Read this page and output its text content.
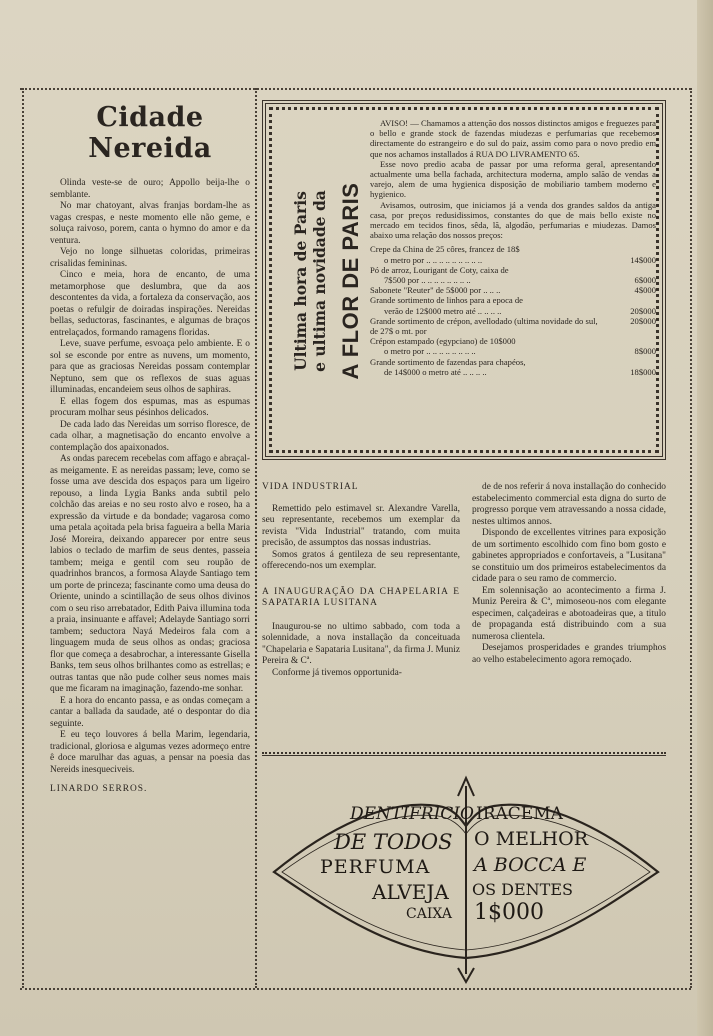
Cidade Nereida

Olinda veste-se de ouro; Appollo beija-lhe o semblante.

No mar chatoyant, alvas franjas bordam-lhe as vagas crespas, e neste momento elle não geme, e soluça raivoso, porem, canta o hymno do amor e da ventura.

Vejo no longe silhuetas coloridas, primeiras crisalidas femininas.

Cinco e meia, hora de encanto, de uma metamorphose que deslumbra, que da aos descontentes da vida, a fortaleza da conservação, aos poetas o refulgir de doiradas inspirações. Nereidas bellas, seductoras, fascinantes, e algumas de braços entrelaçados, formando ramagens floridas.

Leve, suave perfume, esvoaça pelo ambiente. E o sol se esconde por entre as nuvens, um momento, para que as graciosas Nereidas possam contemplar Neptuno, sem que os reflexos de suas aguas illuminadas, encandeiem seus olhos de saphiras.

E ellas fogem dos espumas, mas as espumas procuram molhar seus pésinhos delicados.

De cada lado das Nereidas um sorriso floresce, de cada olhar, a magnetisação do encanto envolve a contemplação dos apaixonados.

As ondas parecem recebelas com affago e abraçal-as meigamente. E as nereidas passam; leve, como se fosse uma ave descida dos espaços para um ligeiro repouso, a linda Lygia Banks anda subtil pelo colchão das areias e no seu rosto alvo e roseo, ha a expressão da virtude e da bondade; vagarosa como uma petala açoitada pela brisa fagueira a bella Maria José Moreira, deixando apparecer por entre seus labios o teclado de marfim de seus dentes, passeia tambem; meiga e gentil com seu roupão de quadrinhos brancos, a formosa Alayde Santiago tem um porte de princeza; fascinante como uma deusa do Oriente, unindo a scintillação de seus olhos divinos com o seu riso arrebatador, Edith Paiva illumina toda a praia, insinuante e affavel; Adelayde Santiago sorri tambem; seductora Nayá Medeiros fala com a linguagem muda de seus olhos as ondas; graciosa flor que começa a desabrochar, a interessante Gisella Banks, tem seus olhos brilhantes como as estrellas; e outras tantas que não pude colher seus nomes mais que me ficaram na imaginação, fazendo-me sonhar.

E a hora do encanto passa, e as ondas começam a cantar a ballada da saudade, até o despontar do dia seguinte.

E eu teço louvores á bella Marim, legendaria, tradicional, gloriosa e algumas vezes adormeço entre ê doce marulhar das aguas, a pensar na poesia das Nereids inesqueciveis.

LINARDO SERROS.

Ultima hora de Paris e ultima novidade da A FLOR DE PARIS

AVISO! — Chamamos a attenção dos nossos distinctos amigos e freguezes para o bello e grande stock de fazendas miudezas e perfumarias que recebemos directamente do estrangeiro e do sul do paiz, assim como para o novo predio em que nos achamos installados á RUA DO LIVRAMENTO 65.

Esse novo predio acaba de passar por uma reforma geral, apresentando actualmente uma bella fachada, architectura moderna, amplo salão de vendas a varejo, alem de uma hygienica disposição de mobiliario tambem moderno e hygienico.

Avisamos, outrosim, que iniciamos já a venda dos grandes saldos da antiga casa, por preços redusidissimos, constantes do que de mais bello existe no mercado em tecidos finos, sêda, lã, algodão, perfumarias e miudezas. Damos abaixo uma relação dos nossos preços:

Crepe da China de 25 côres, francez de 18$
o metro por .. .. .. .. .. .. .. .. ..	14$000
Pó de arroz, Lourigant de Coty, caixa de
7$500 por .. .. .. .. .. .. .. ..	6$000
Sabonete "Reuter" de 5$000 por .. .. ..	4$000
Grande sortimento de linhos para a epoca de
verão de 12$000 metro até .. .. .. ..	20$000
Grande sortimento de crépon, avellodado (ultima novidade do sul, de 27$ o mt. por
20$000
Crépon estampado (egypciano) de 10$000
o metro por .. .. .. .. .. .. .. ..	8$000
Grande sortimento de fazendas para chapéos,
de 14$000 o metro até .. .. .. ..	18$000

VIDA INDUSTRIAL

Remettido pelo estimavel sr. Alexandre Varella, seu representante, recebemos um exemplar da revista "Vida Industrial" tratando, com muita precisão, de assumptos das nossas industrias.

Somos gratos á gentileza de seu representante, offerecendo-nos um exemplar.

A INAUGURAÇÃO DA CHAPELARIA E SAPATARIA LUSITANA

Inaugurou-se no ultimo sabbado, com toda a solennidade, a nova installação da conceituada "Chapelaria e Sapataria Lusitana", da firma J. Muniz Pereira & Cª.

Conforme já tivemos opportunida-

de de nos referir á nova installação do conhecido estabelecimento commercial esta digna do surto de progresso porque vem atravessando a nossa cidade, nestes ultimos annos.

Dispondo de excellentes vitrines para exposição de um sortimento escolhido com fino bom gosto e gabinetes appropriados e confortaveis, a "Lusitana" se constituio um dos primeiros estabelecimentos da cidade para o seu ramo de commercio.

Em solennisação ao acontecimento a firma J. Muniz Pereira & Cª, mimoseou-nos com elegante especimen, calçadeiras e abotoadeiras que, a titulo de propaganda está distribuindo com a sua numerosa clientela.

Desejamos prosperidades e grandes triumphos ao velho estabelecimento agora remoçado.

DENTIFRICIO
DE TODOS
PERFUMA
ALVEJA
CAIXA
IRACEMA
O MELHOR
A BOCCA E
OS DENTES
1$000
